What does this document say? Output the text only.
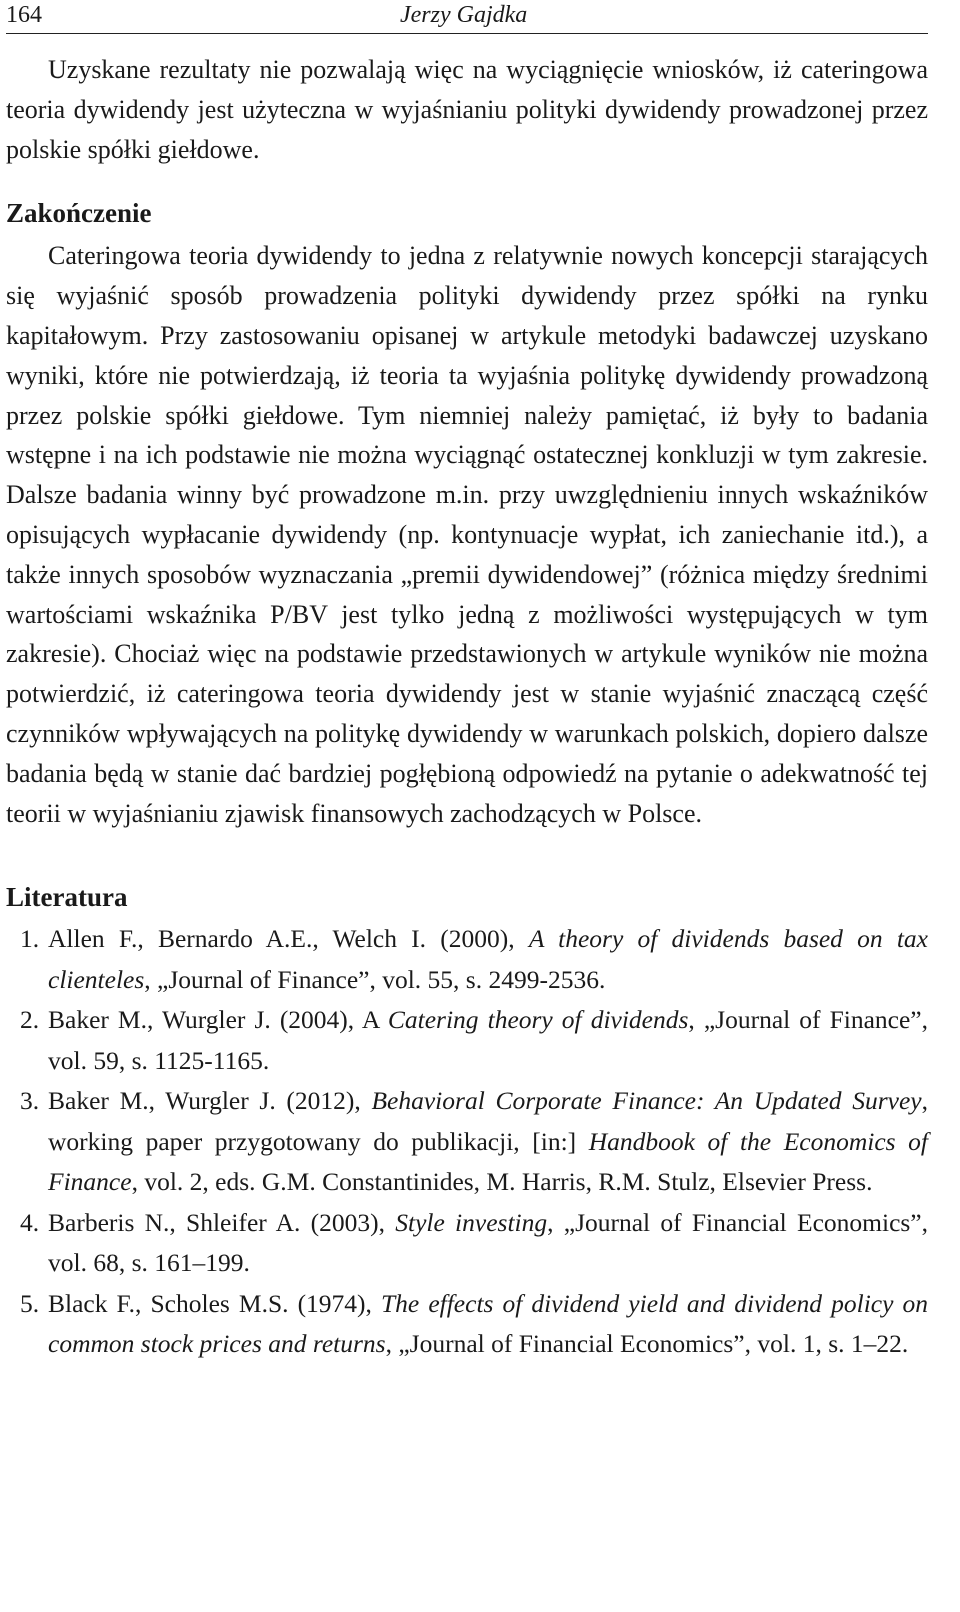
164	Jerzy Gajdka

Uzyskane rezultaty nie pozwalają więc na wyciągnięcie wniosków, iż cateringowa teoria dywidendy jest użyteczna w wyjaśnianiu polityki dywidendy prowadzonej przez polskie spółki giełdowe.

Zakończenie

Cateringowa teoria dywidendy to jedna z relatywnie nowych koncepcji starających się wyjaśnić sposób prowadzenia polityki dywidendy przez spółki na rynku kapitałowym. Przy zastosowaniu opisanej w artykule metodyki badawczej uzyskano wyniki, które nie potwierdzają, iż teoria ta wyjaśnia politykę dywidendy prowadzoną przez polskie spółki giełdowe. Tym niemniej należy pamiętać, iż były to badania wstępne i na ich podstawie nie można wyciągnąć ostatecznej konkluzji w tym zakresie. Dalsze badania winny być prowadzone m.in. przy uwzględnieniu innych wskaźników opisujących wypłacanie dywidendy (np. kontynuacje wypłat, ich zaniechanie itd.), a także innych sposobów wyznaczania „premii dywidendowej” (różnica między średnimi wartościami wskaźnika P/BV jest tylko jedną z możliwości występujących w tym zakresie). Chociaż więc na podstawie przedstawionych w artykule wyników nie można potwierdzić, iż cateringowa teoria dywidendy jest w stanie wyjaśnić znaczącą część czynników wpływających na politykę dywidendy w warunkach polskich, dopiero dalsze badania będą w stanie dać bardziej pogłębioną odpowiedź na pytanie o adekwatność tej teorii w wyjaśnianiu zjawisk finansowych zachodzących w Polsce.

Literatura
1. Allen F., Bernardo A.E., Welch I. (2000), A theory of dividends based on tax clienteles, „Journal of Finance”, vol. 55, s. 2499-2536.
2. Baker M., Wurgler J. (2004), A Catering theory of dividends, „Journal of Finance”, vol. 59, s. 1125-1165.
3. Baker M., Wurgler J. (2012), Behavioral Corporate Finance: An Updated Survey, working paper przygotowany do publikacji, [in:] Handbook of the Economics of Finance, vol. 2, eds. G.M. Constantinides, M. Harris, R.M. Stulz, Elsevier Press.
4. Barberis N., Shleifer A. (2003), Style investing, „Journal of Financial Economics”, vol. 68, s. 161–199.
5. Black F., Scholes M.S. (1974), The effects of dividend yield and dividend policy on common stock prices and returns, „Journal of Financial Economics”, vol. 1, s. 1–22.
